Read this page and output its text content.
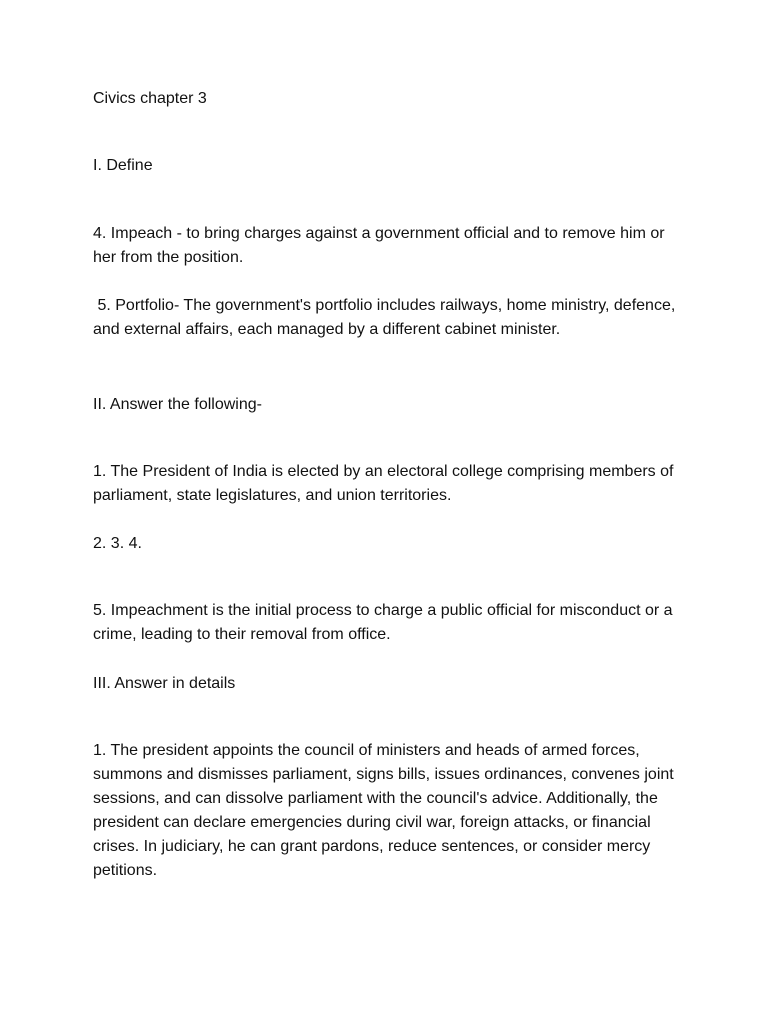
Civics chapter 3

I. Define

4. Impeach - to bring charges against a government official and to remove him or her from the position.

5. Portfolio- The government's portfolio includes railways, home ministry, defence, and external affairs, each managed by a different cabinet minister.

II. Answer the following-

1. The President of India is elected by an electoral college comprising members of parliament, state legislatures, and union territories.

2. 3. 4.

5. Impeachment is the initial process to charge a public official for misconduct or a crime, leading to their removal from office.

III. Answer in details

1. The president appoints the council of ministers and heads of armed forces, summons and dismisses parliament, signs bills, issues ordinances, convenes joint sessions, and can dissolve parliament with the council's advice. Additionally, the president can declare emergencies during civil war, foreign attacks, or financial crises. In judiciary, he can grant pardons, reduce sentences, or consider mercy petitions.
